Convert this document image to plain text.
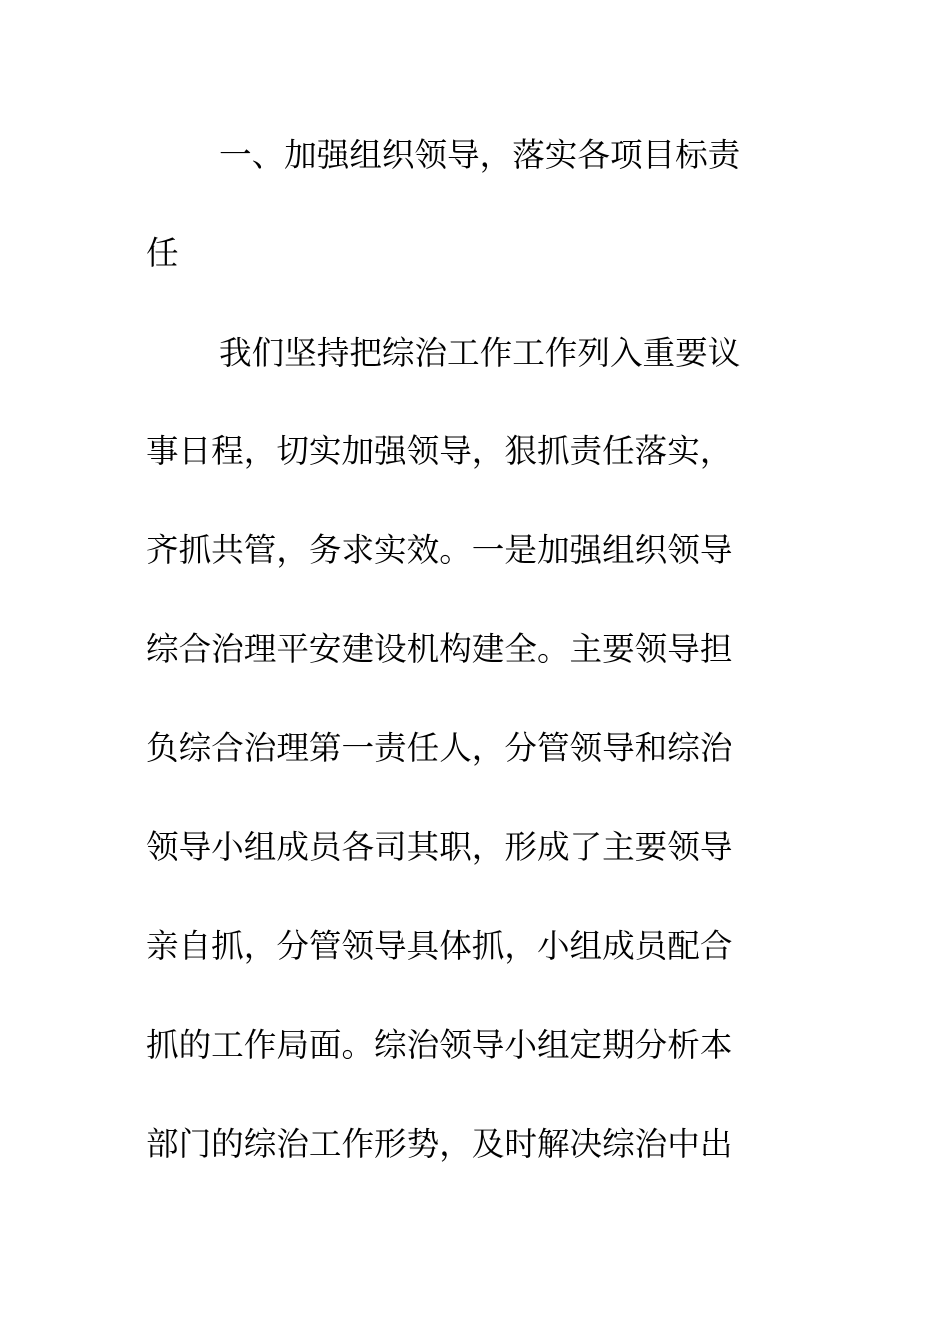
一、加强组织领导，落实各项目标责
任
我们坚持把综治工作工作列入重要议
事日程，切实加强领导，狠抓责任落实，
齐抓共管，务求实效。一是加强组织领导
综合治理平安建设机构建全。主要领导担
负综合治理第一责任人，分管领导和综治
领导小组成员各司其职，形成了主要领导
亲自抓，分管领导具体抓，小组成员配合
抓的工作局面。综治领导小组定期分析本
部门的综治工作形势，及时解决综治中出
